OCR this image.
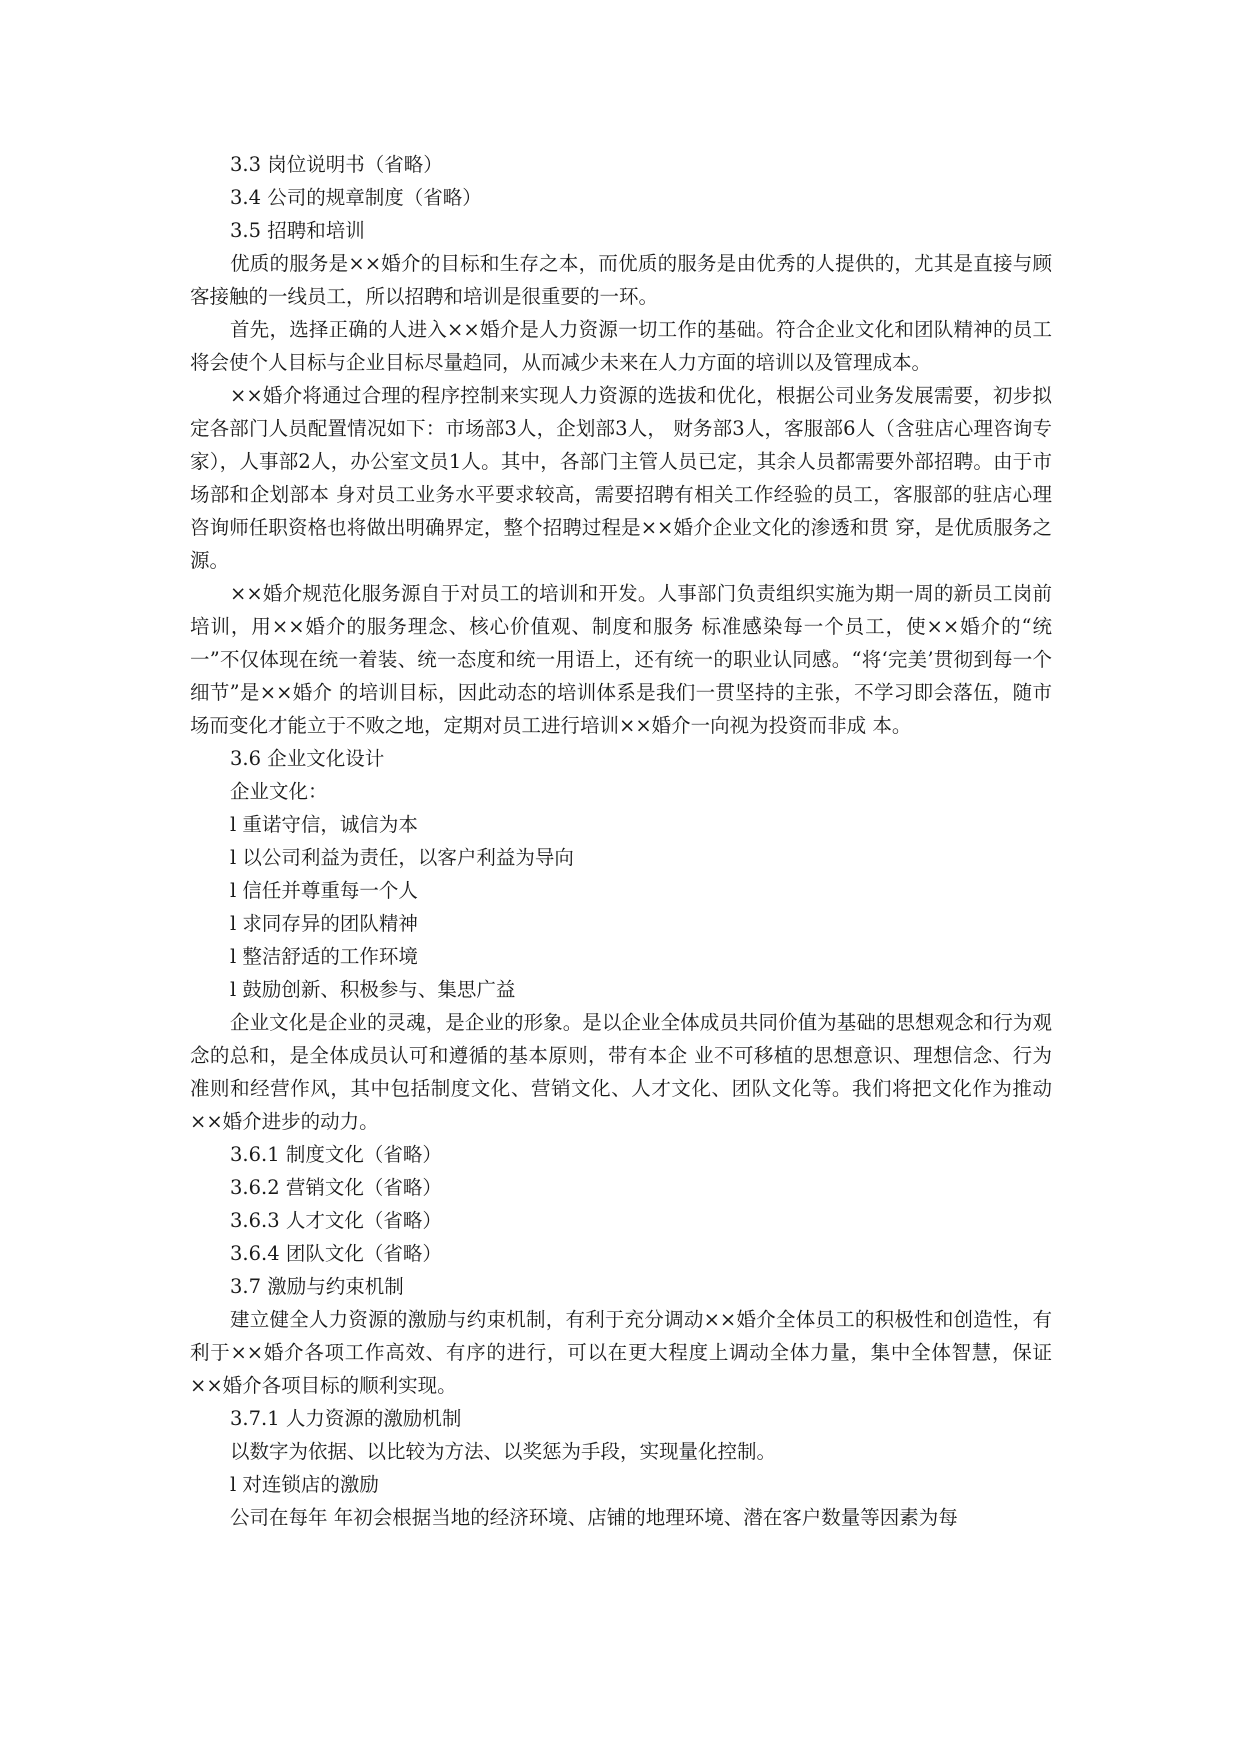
3.3 岗位说明书（省略）

3.4 公司的规章制度（省略）

3.5 招聘和培训

优质的服务是××婚介的目标和生存之本，而优质的服务是由优秀的人提供的，尤其是直接与顾客接触的一线员工，所以招聘和培训是很重要的一环。

首先，选择正确的人进入××婚介是人力资源一切工作的基础。符合企业文化和团队精神的员工将会使个人目标与企业目标尽量趋同，从而减少未来在人力方面的培训以及管理成本。

××婚介将通过合理的程序控制来实现人力资源的选拔和优化，根据公司业务发展需要，初步拟定各部门人员配置情况如下：市场部3人，企划部3人， 财务部3人，客服部6人（含驻店心理咨询专家），人事部2人，办公室文员1人。其中，各部门主管人员已定，其余人员都需要外部招聘。由于市场部和企划部本 身对员工业务水平要求较高，需要招聘有相关工作经验的员工，客服部的驻店心理咨询师任职资格也将做出明确界定，整个招聘过程是××婚介企业文化的渗透和贯 穿，是优质服务之源。

××婚介规范化服务源自于对员工的培训和开发。人事部门负责组织实施为期一周的新员工岗前培训，用××婚介的服务理念、核心价值观、制度和服务 标准感染每一个员工，使××婚介的“统一”不仅体现在统一着装、统一态度和统一用语上，还有统一的职业认同感。“将‘完美’贯彻到每一个细节”是××婚介 的培训目标，因此动态的培训体系是我们一贯坚持的主张，不学习即会落伍，随市场而变化才能立于不败之地，定期对员工进行培训××婚介一向视为投资而非成 本。

3.6 企业文化设计

企业文化：

l 重诺守信，诚信为本

l 以公司利益为责任，以客户利益为导向

l 信任并尊重每一个人

l 求同存异的团队精神

l 整洁舒适的工作环境

l 鼓励创新、积极参与、集思广益

企业文化是企业的灵魂，是企业的形象。是以企业全体成员共同价值为基础的思想观念和行为观念的总和，是全体成员认可和遵循的基本原则，带有本企 业不可移植的思想意识、理想信念、行为准则和经营作风，其中包括制度文化、营销文化、人才文化、团队文化等。我们将把文化作为推动××婚介进步的动力。

3.6.1 制度文化（省略）

3.6.2 营销文化（省略）

3.6.3 人才文化（省略）

3.6.4 团队文化（省略）

3.7 激励与约束机制

建立健全人力资源的激励与约束机制，有利于充分调动××婚介全体员工的积极性和创造性，有利于××婚介各项工作高效、有序的进行，可以在更大程度上调动全体力量，集中全体智慧，保证××婚介各项目标的顺利实现。

3.7.1 人力资源的激励机制

以数字为依据、以比较为方法、以奖惩为手段，实现量化控制。

l 对连锁店的激励

公司在每年 年初会根据当地的经济环境、店铺的地理环境、潜在客户数量等因素为每
